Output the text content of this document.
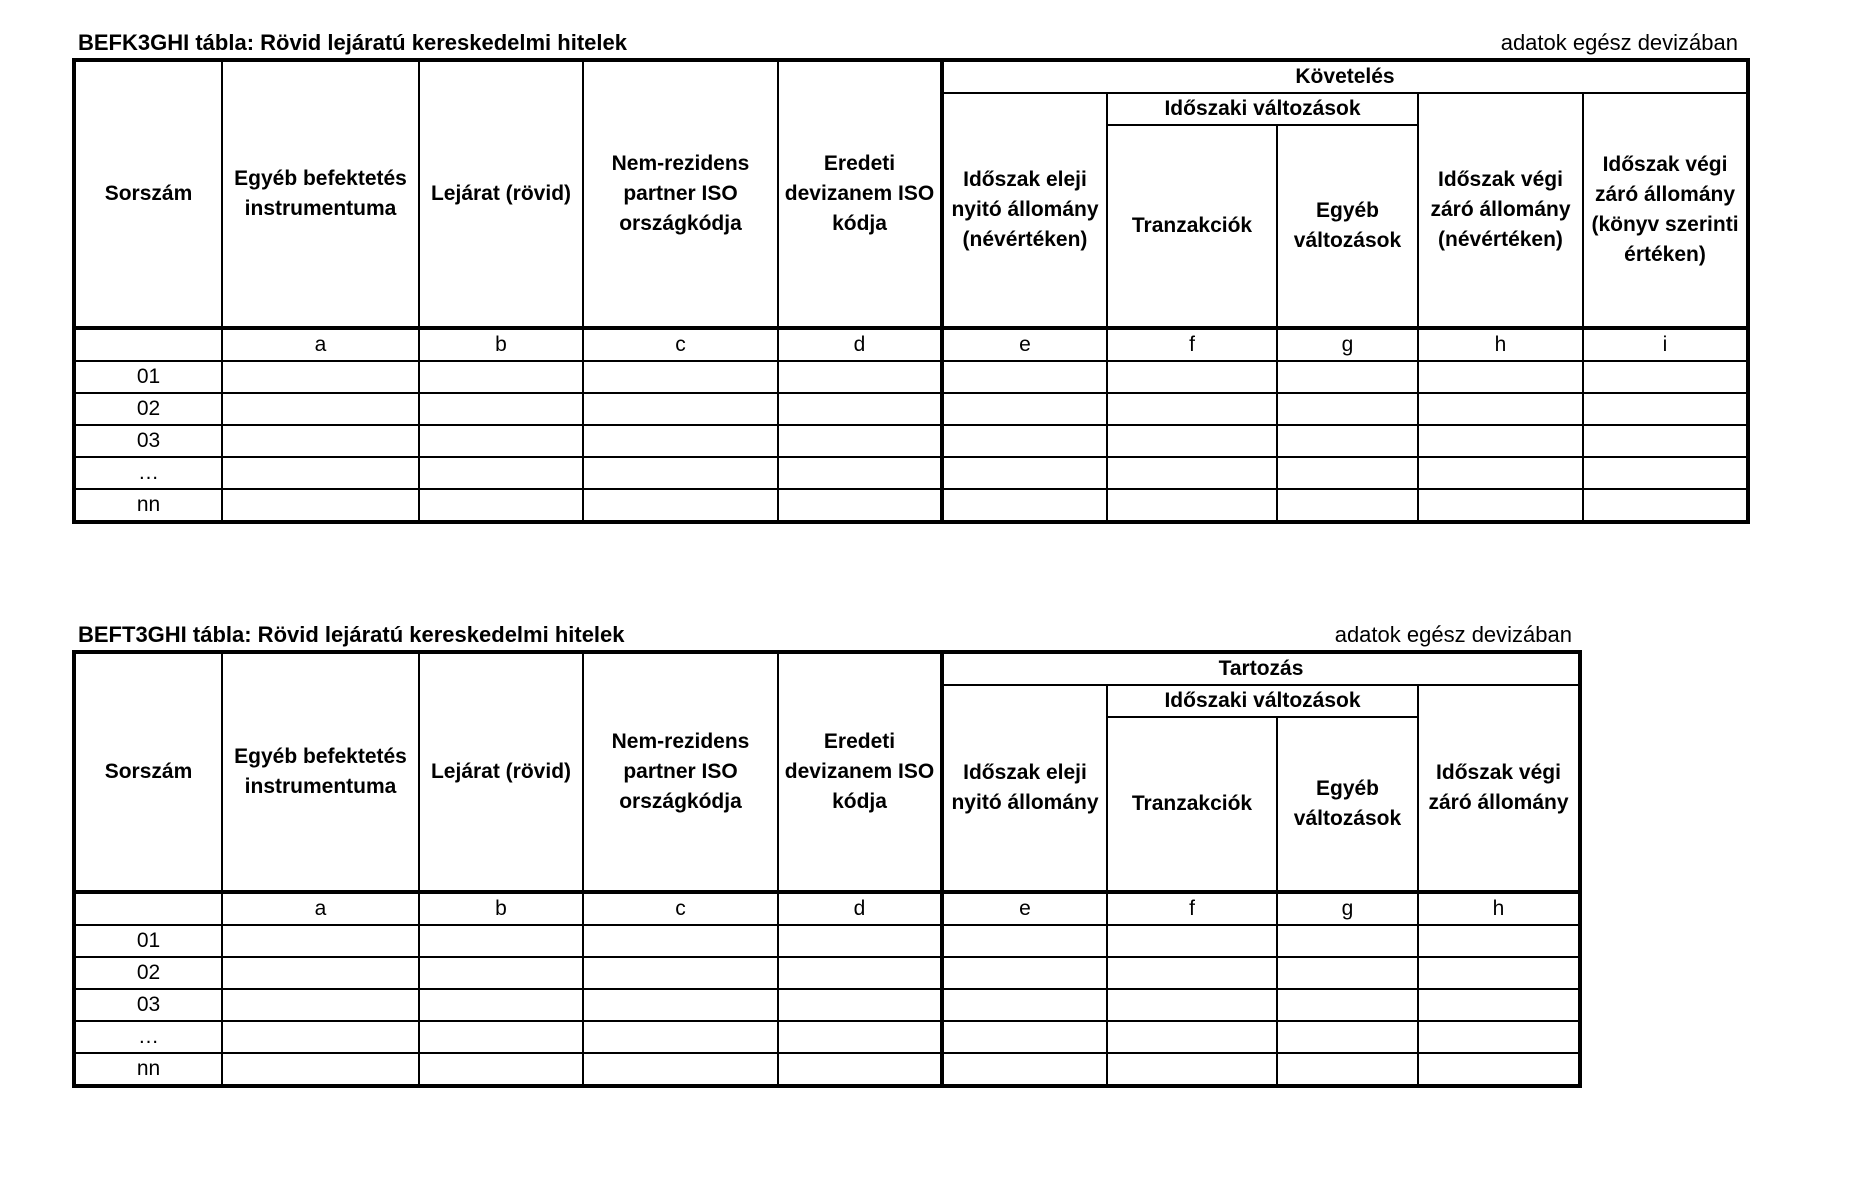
BEFK3GHI tábla: Rövid lejáratú kereskedelmi hitelek	adatok egész devizában
Sorszám	Egyéb befektetés instrumentuma	Lejárat (rövid)	Nem-rezidens partner ISO országkódja	Eredeti devizanem ISO kódja	Követelés				

					Időszak eleji nyitó állomány (névértéken)	Időszaki változások		Időszak végi záró állomány (névértéken)	Időszak végi záró állomány (könyv szerinti értéken)

						Tranzakciók	Egyéb változások		

	a	b	c	d	e	f	g	h	i
01									
02									
03									
…									
nn									
BEFT3GHI tábla: Rövid lejáratú kereskedelmi hitelek	adatok egész devizában
Sorszám	Egyéb befektetés instrumentuma	Lejárat (rövid)	Nem-rezidens partner ISO országkódja	Eredeti devizanem ISO kódja	Tartozás			

					Időszak eleji nyitó állomány	Időszaki változások		Időszak végi záró állomány

						Tranzakciók	Egyéb változások	

	a	b	c	d	e	f	g	h
01								
02								
03								
…								
nn								
